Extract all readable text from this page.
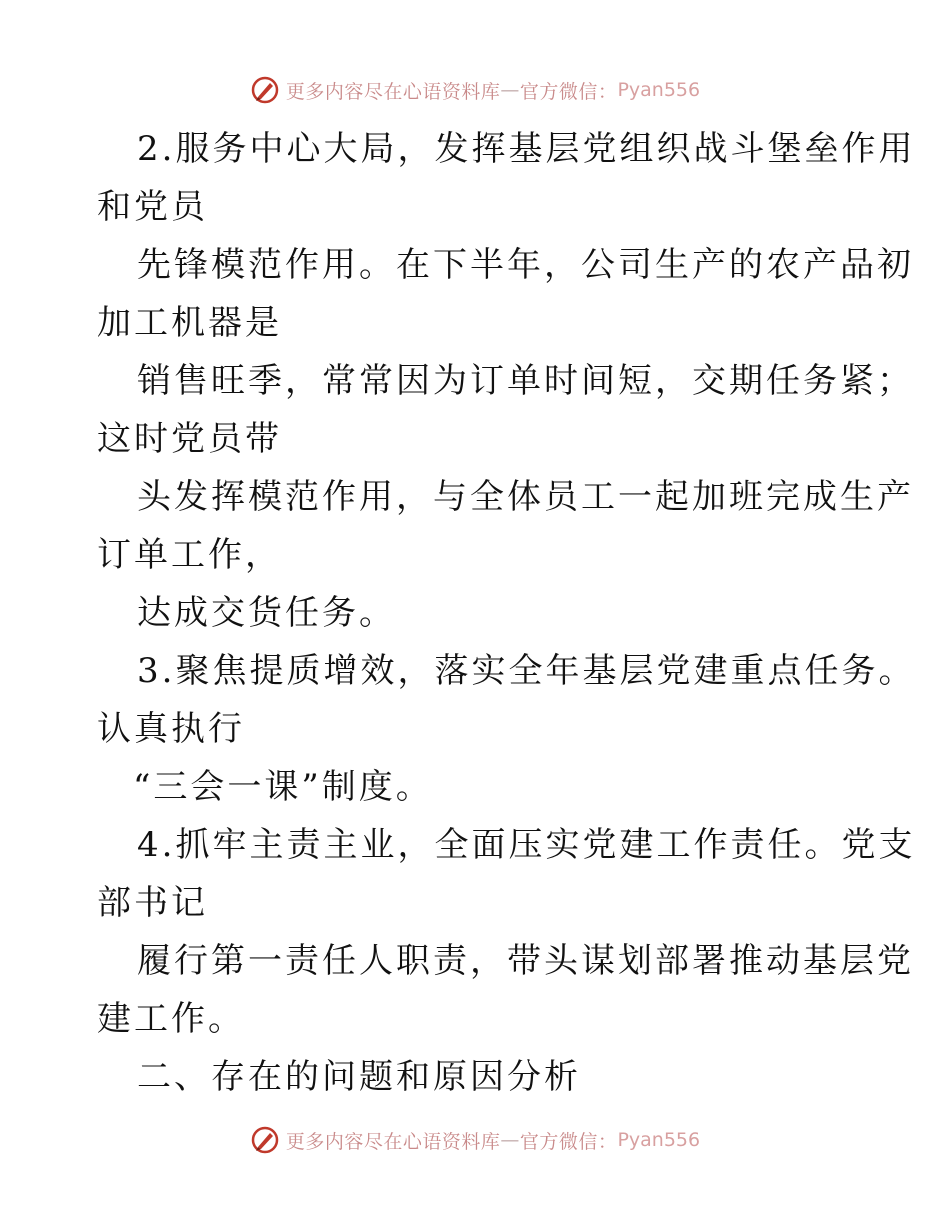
更多内容尽在心语资料库 — 官方微信： Pyan556
2.服务中心大局，发挥基层党组织战斗堡垒作用
和党员
先锋模范作用。在下半年，公司生产的农产品初
加工机器是
销售旺季，常常因为订单时间短，交期任务紧；
这时党员带
头发挥模范作用，与全体员工一起加班完成生产
订单工作，
达成交货任务。
3.聚焦提质增效，落实全年基层党建重点任务。
认真执行
“三会一课”制度。
4.抓牢主责主业，全面压实党建工作责任。党支
部书记
履行第一责任人职责，带头谋划部署推动基层党
建工作。
二、存在的问题和原因分析
更多内容尽在心语资料库 — 官方微信： Pyan556
